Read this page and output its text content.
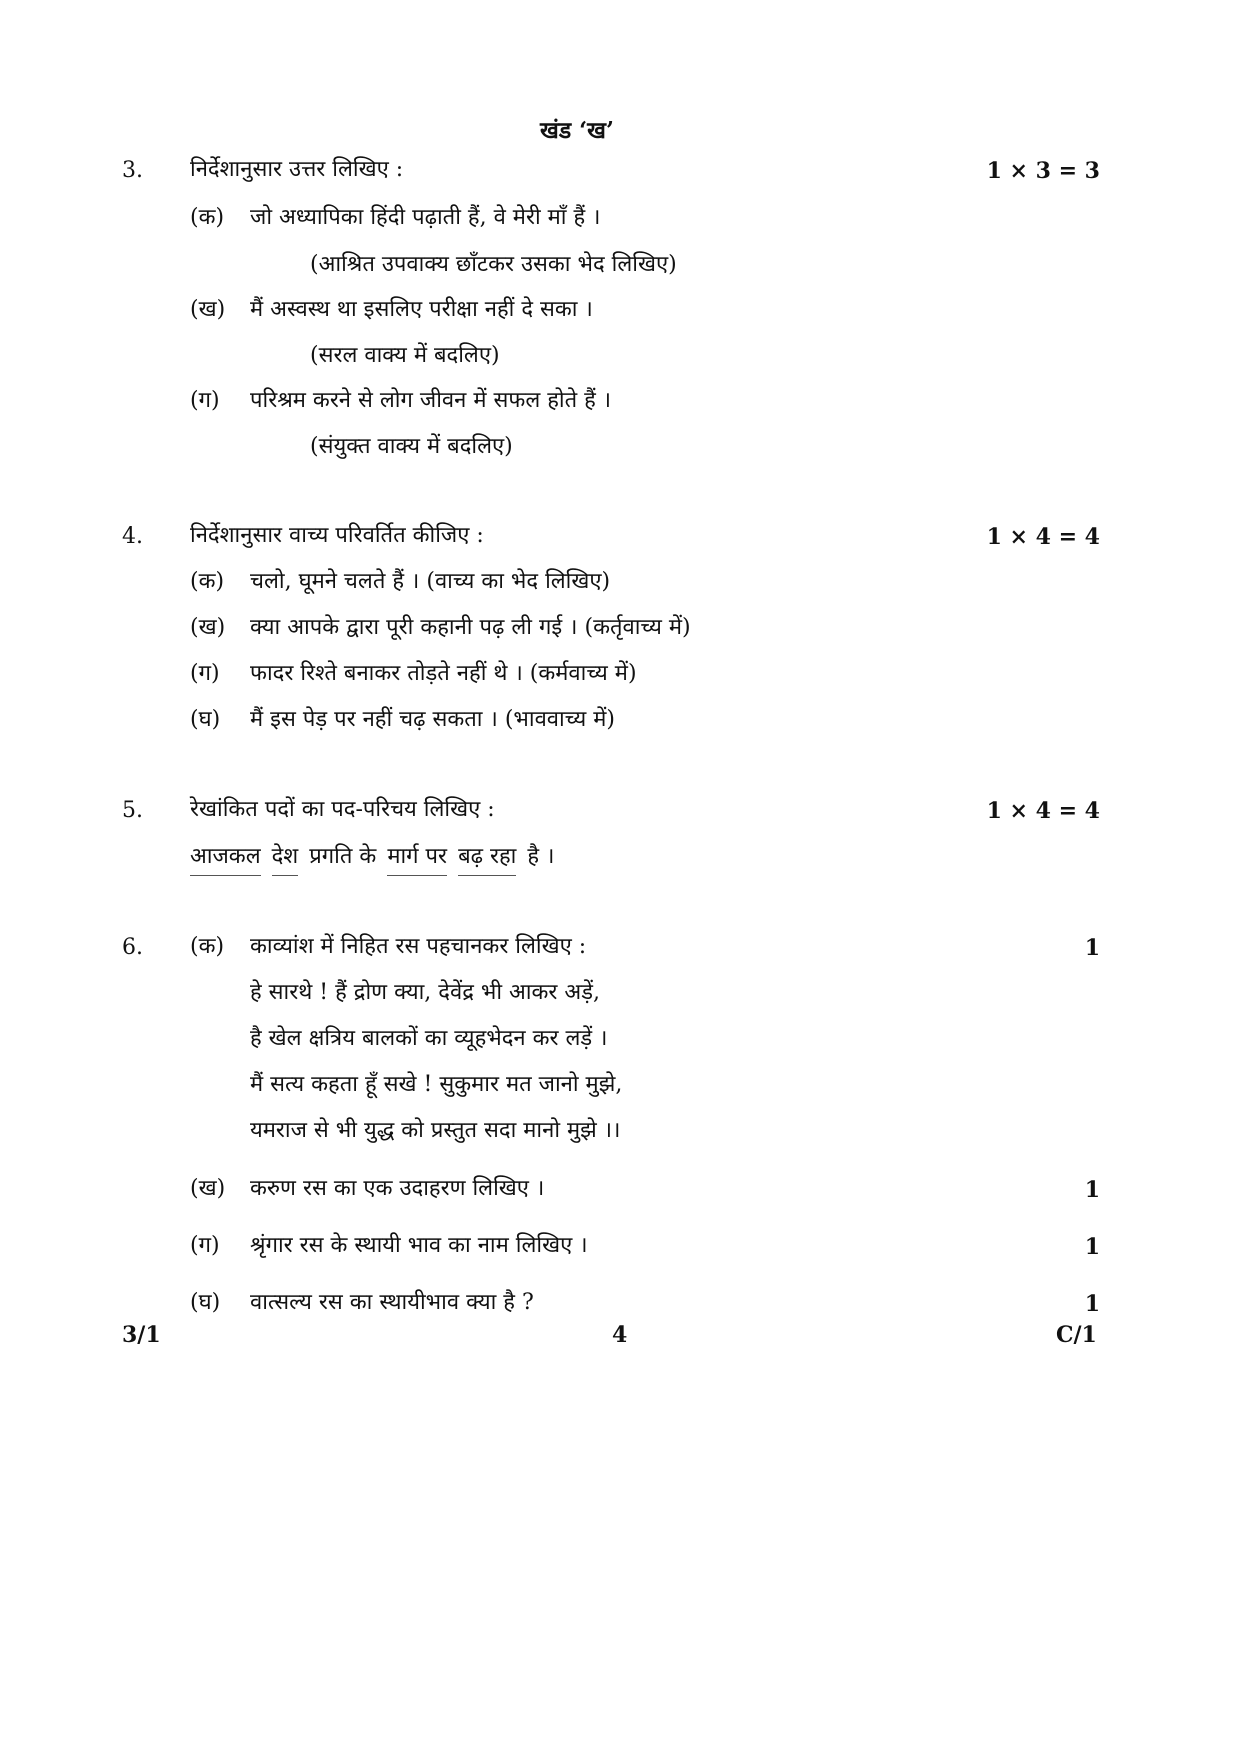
खंड ‘ख’
3. निर्देशानुसार उत्तर लिखिए :	1 × 3 = 3
(क) जो अध्यापिका हिंदी पढ़ाती हैं, वे मेरी माँ हैं ।
(आश्रित उपवाक्य छाँटकर उसका भेद लिखिए)
(ख) मैं अस्वस्थ था इसलिए परीक्षा नहीं दे सका ।
(सरल वाक्य में बदलिए)
(ग) परिश्रम करने से लोग जीवन में सफल होते हैं ।
(संयुक्त वाक्य में बदलिए)
4. निर्देशानुसार वाच्य परिवर्तित कीजिए :	1 × 4 = 4
(क) चलो, घूमने चलते हैं । (वाच्य का भेद लिखिए)
(ख) क्या आपके द्वारा पूरी कहानी पढ़ ली गई । (कर्तृवाच्य में)
(ग) फादर रिश्ते बनाकर तोड़ते नहीं थे । (कर्मवाच्य में)
(घ) मैं इस पेड़ पर नहीं चढ़ सकता । (भाववाच्य में)
5. रेखांकित पदों का पद-परिचय लिखिए :	1 × 4 = 4
आजकल देश प्रगति के मार्ग पर बढ़ रहा है ।
6. (क) काव्यांश में निहित रस पहचानकर लिखिए :	1
हे सारथे ! हैं द्रोण क्या, देवेंद्र भी आकर अड़ें,
है खेल क्षत्रिय बालकों का व्यूहभेदन कर लड़ें ।
मैं सत्य कहता हूँ सखे ! सुकुमार मत जानो मुझे,
यमराज से भी युद्ध को प्रस्तुत सदा मानो मुझे ।।
(ख) करुण रस का एक उदाहरण लिखिए ।	1
(ग) श्रृंगार रस के स्थायी भाव का नाम लिखिए ।	1
(घ) वात्सल्य रस का स्थायीभाव क्या है ?	1
3/1	4	C/1
